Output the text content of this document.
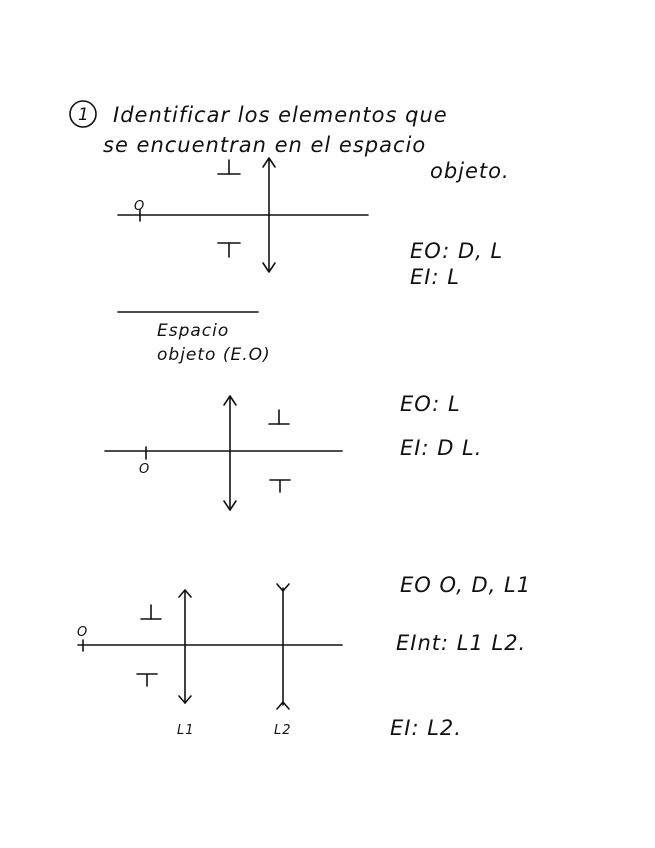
1 Identificar los elementos que
se encuentran en el espacio
objeto.
O
EO: D, L
EI: L
Espacio
objeto (E.O)
O
EO: L
EI: D L.
O
L1	L2
EO O, D, L1
EInt: L1 L2.
EI: L2.
